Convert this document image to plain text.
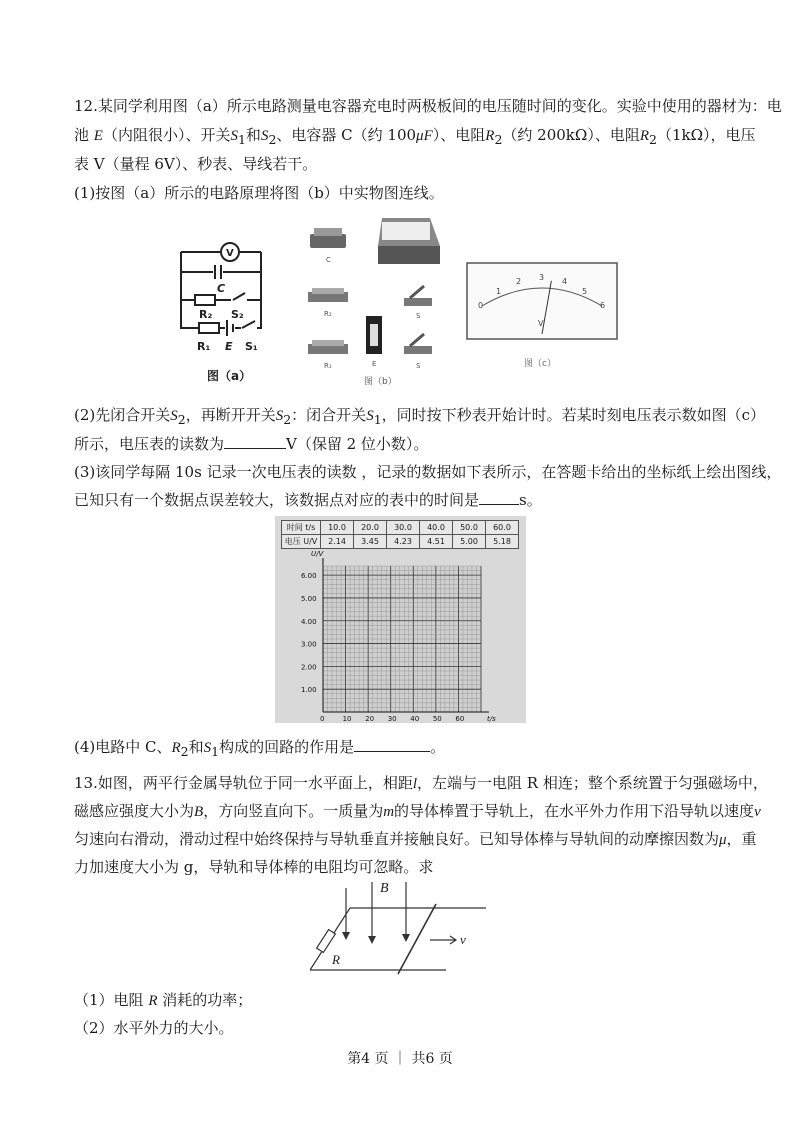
12.某同学利用图（a）所示电路测量电容器充电时两极板间的电压随时间的变化。实验中使用的器材为：电
池 E（内阻很小）、开关$S_1$和$S_2$、电容器 C（约 100μF）、电阻$R_2$（约 200kΩ）、电阻$R_2(1k\Omega)$，电压
表 V（量程 6V）、秒表、导线若干。
(1)按图（a）所示的电路原理将图（b）中实物图连线。
V
C
R₂ S₂
R₁ E S₁
图（a）
C
R₂
R₁	E
S
S
图（b）
0
1
2 3 4
5
6
V
图（c）
(2)先闭合开关$S_2$，再断开开关$S_2$：闭合开关$S_1$，同时按下秒表开始计时。若某时刻电压表示数如图（c）
所示，电压表的读数为	V（保留 2 位小数）。
(3)该同学每隔 10s 记录一次电压表的读数 ，记录的数据如下表所示，在答题卡给出的坐标纸上绘出图线，
已知只有一个数据点误差较大，该数据点对应的表中的时间是	s。
时间 t/s	10.0	20.0	30.0	40.0	50.0	60.0
电压 U/V	2.14	3.45	4.23	4.51	5.00	5.18
0	10 20 30 40 50 60
1.00
2.00
3.00
4.00
5.00
6.00
t/s
U/V
(4)电路中 C、$R_2$和$S_1$构成的回路的作用是	。
13.如图，两平行金属导轨位于同一水平面上，相距l，左端与一电阻 R 相连；整个系统置于匀强磁场中，
磁感应强度大小为B，方向竖直向下。一质量为m的导体棒置于导轨上，在水平外力作用下沿导轨以速度v
匀速向右滑动，滑动过程中始终保持与导轨垂直并接触良好。已知导体棒与导轨间的动摩擦因数为μ，重
力加速度大小为 g，导轨和导体棒的电阻均可忽略。求
B
R
v
（1）电阻 R 消耗的功率；
（2）水平外力的大小。
第4 页 ｜ 共6 页
